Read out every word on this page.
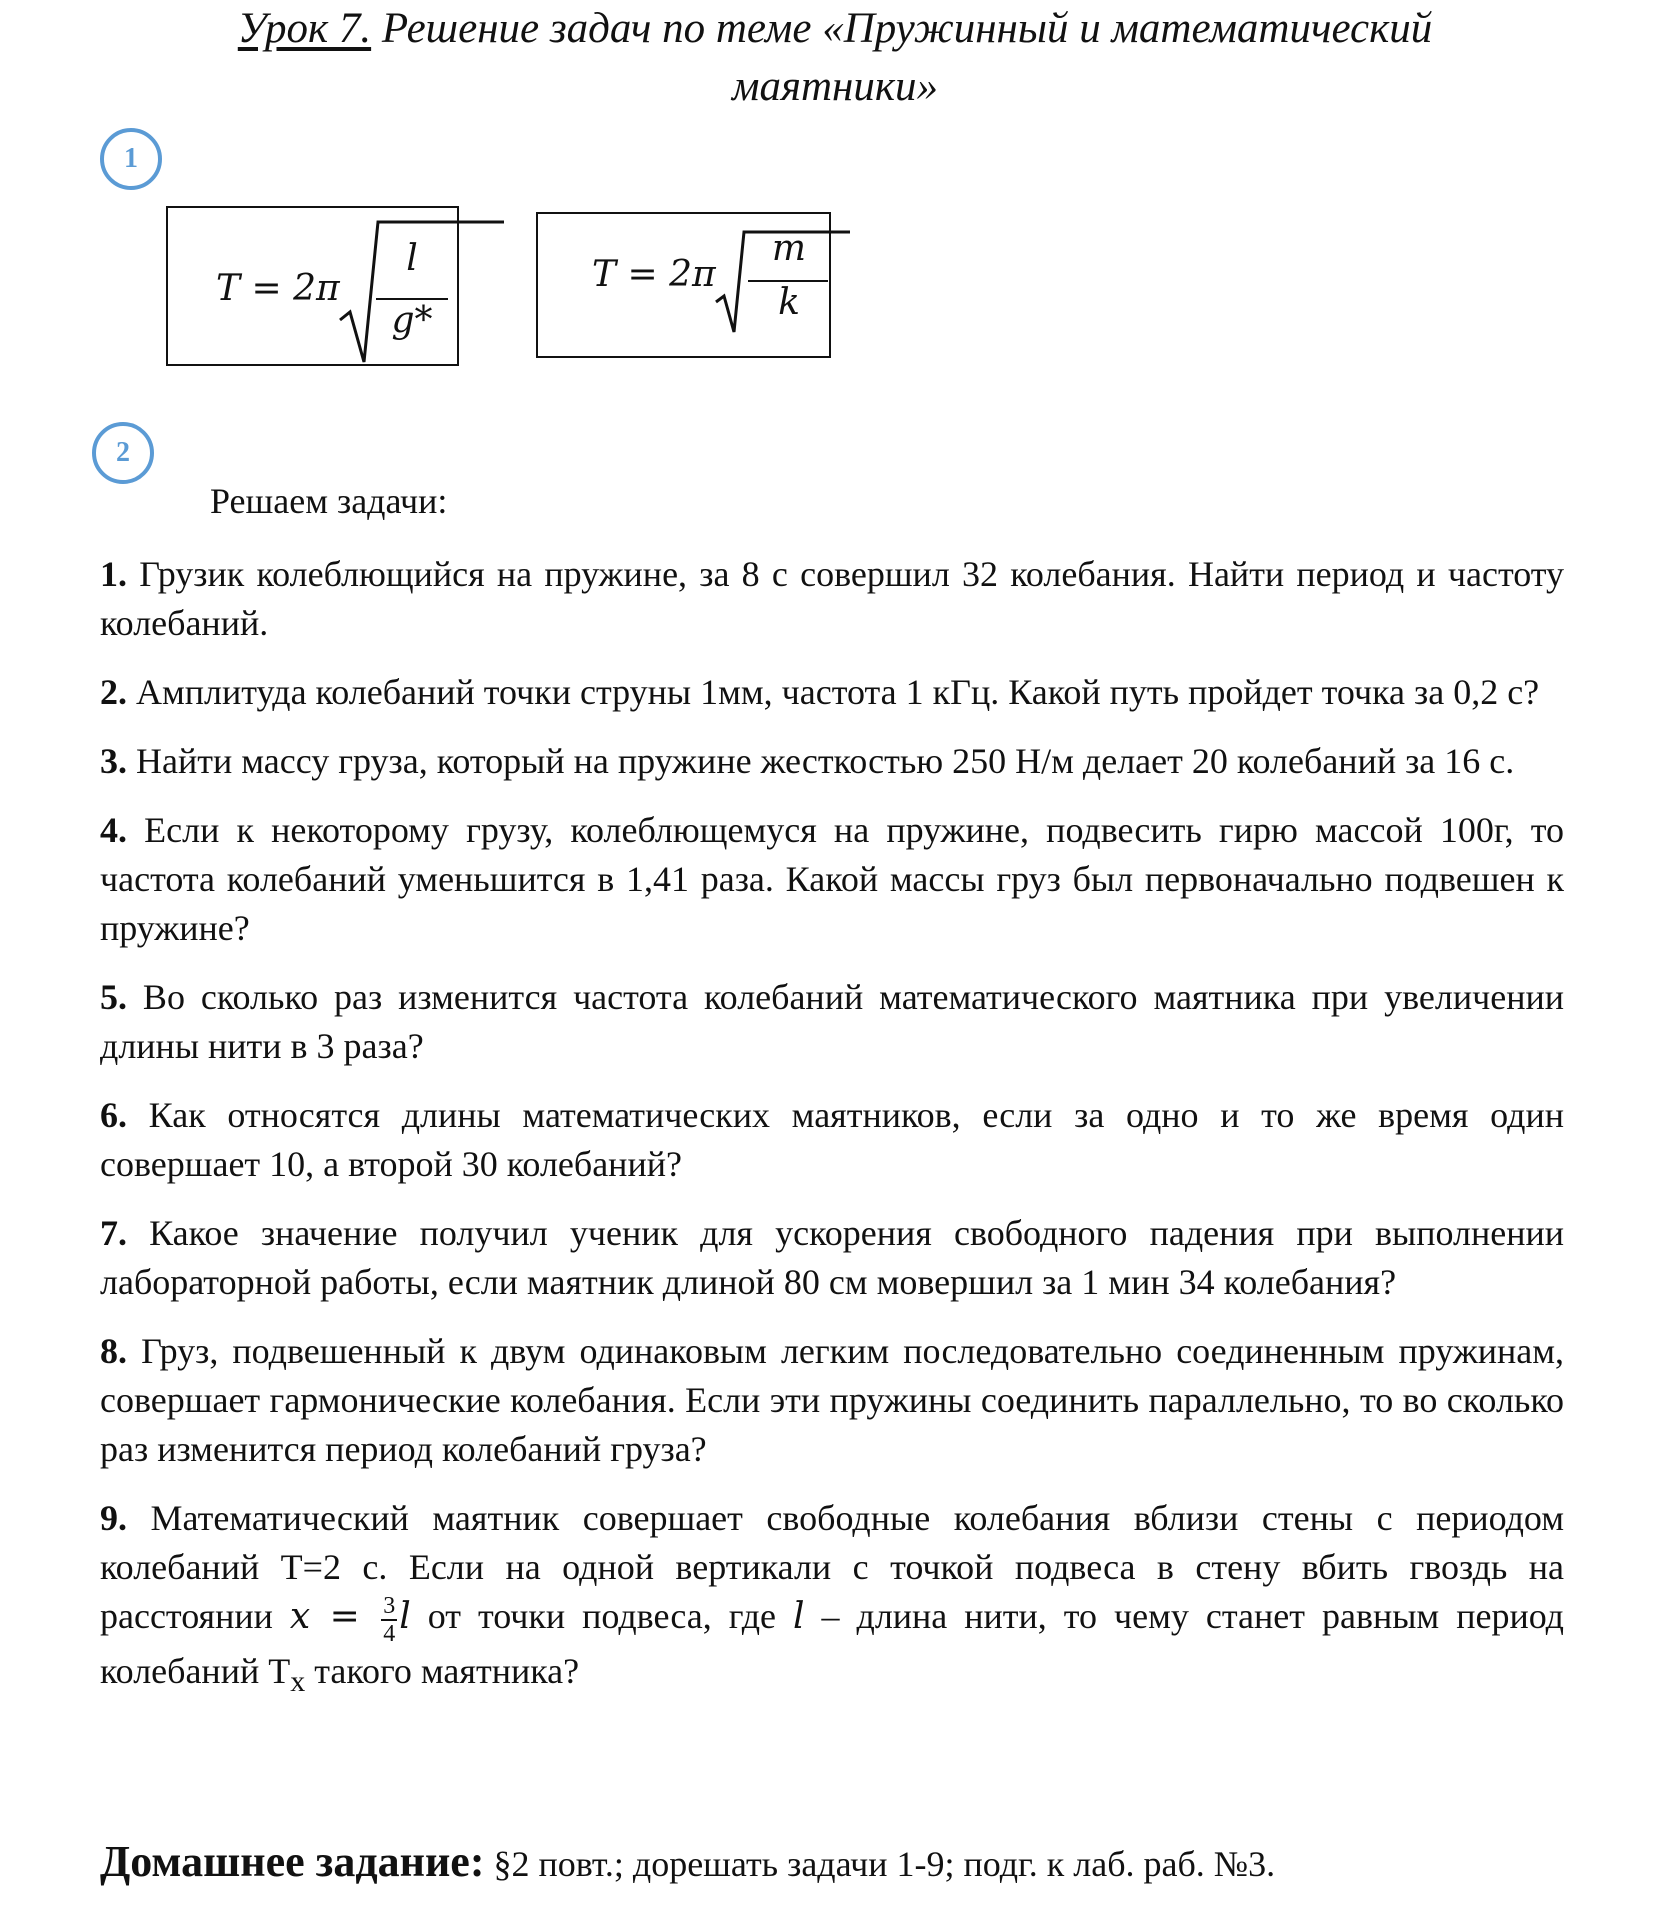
Урок 7. Решение задач по теме «Пружинный и математический маятники»
1
T = 2π
l
g*
T = 2π
m
k
2
Решаем задачи:

1. Грузик колеблющийся на пружине, за 8 с совершил 32 колебания. Найти период и частоту колебаний.

2. Амплитуда колебаний точки струны 1мм, частота 1 кГц. Какой путь пройдет точка за 0,2 с?

3. Найти массу груза, который на пружине жесткостью 250 Н/м делает 20 колебаний за 16 с.

4. Если к некоторому грузу, колеблющемуся на пружине, подвесить гирю массой 100г, то частота колебаний уменьшится в 1,41 раза. Какой массы груз был первоначально подвешен к пружине?

5. Во сколько раз изменится частота колебаний математического маятника при увеличении длины нити в 3 раза?

6. Как относятся длины математических маятников, если за одно и то же время один совершает 10, а второй 30 колебаний?

7. Какое значение получил ученик для ускорения свободного падения при выполнении лабораторной работы, если маятник длиной 80 см мовершил за 1 мин 34 колебания?

8. Груз, подвешенный к двум одинаковым легким последовательно соединенным пружинам, совершает гармонические колебания. Если эти пружины соединить параллельно, то во сколько раз изменится период колебаний груза?

9. Математический маятник совершает свободные колебания вблизи стены с периодом колебаний T=2 с. Если на одной вертикали с точкой подвеса в стену вбить гвоздь на расстоянии $x = \frac{3}{4}$ l от точки подвеса, где l – длина нити, то чему станет равным период колебаний $T_x$ такого маятника?

Домашнее задание: §2 повт.; дорешать задачи 1-9; подг. к лаб. раб. №3.
